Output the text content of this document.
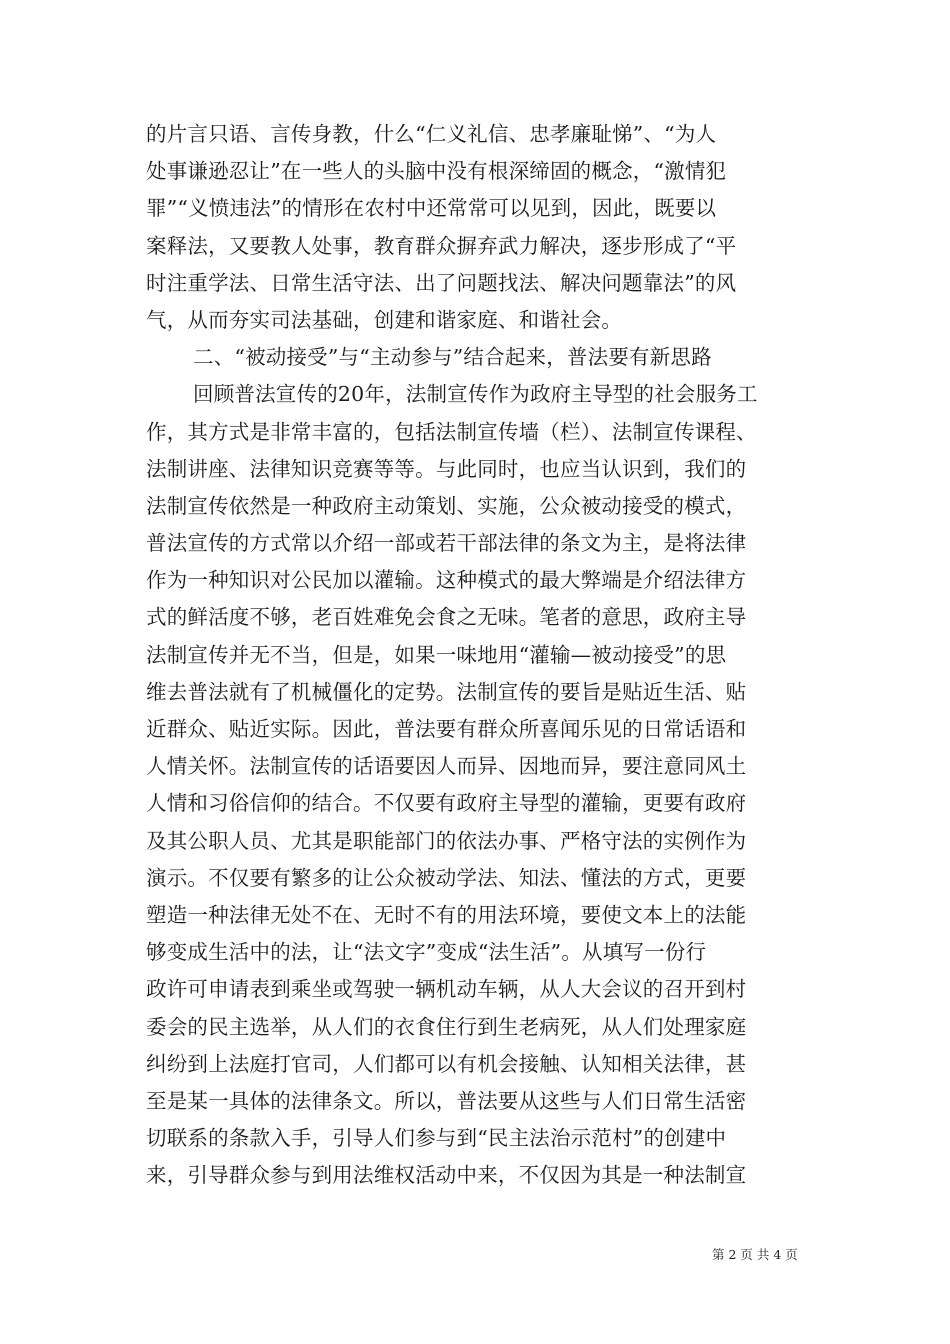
的片言只语、言传身教，什么“仁义礼信、忠孝廉耻悌”、“为人
处事谦逊忍让”在一些人的头脑中没有根深缔固的概念，“激情犯
罪”“义愤违法”的情形在农村中还常常可以见到，因此，既要以
案释法，又要教人处事，教育群众摒弃武力解决，逐步形成了“平
时注重学法、日常生活守法、出了问题找法、解决问题靠法”的风
气，从而夯实司法基础，创建和谐家庭、和谐社会。
二、“被动接受”与“主动参与”结合起来，普法要有新思路
回顾普法宣传的20年，法制宣传作为政府主导型的社会服务工
作，其方式是非常丰富的，包括法制宣传墙（栏）、法制宣传课程、
法制讲座、法律知识竞赛等等。与此同时，也应当认识到，我们的
法制宣传依然是一种政府主动策划、实施，公众被动接受的模式，
普法宣传的方式常以介绍一部或若干部法律的条文为主，是将法律
作为一种知识对公民加以灌输。这种模式的最大弊端是介绍法律方
式的鲜活度不够，老百姓难免会食之无味。笔者的意思，政府主导
法制宣传并无不当，但是，如果一味地用“灌输—被动接受”的思
维去普法就有了机械僵化的定势。法制宣传的要旨是贴近生活、贴
近群众、贴近实际。因此，普法要有群众所喜闻乐见的日常话语和
人情关怀。法制宣传的话语要因人而异、因地而异，要注意同风土
人情和习俗信仰的结合。不仅要有政府主导型的灌输，更要有政府
及其公职人员、尤其是职能部门的依法办事、严格守法的实例作为
演示。不仅要有繁多的让公众被动学法、知法、懂法的方式，更要
塑造一种法律无处不在、无时不有的用法环境，要使文本上的法能
够变成生活中的法，让“法文字”变成“法生活”。从填写一份行
政许可申请表到乘坐或驾驶一辆机动车辆，从人大会议的召开到村
委会的民主选举，从人们的衣食住行到生老病死，从人们处理家庭
纠纷到上法庭打官司，人们都可以有机会接触、认知相关法律，甚
至是某一具体的法律条文。所以，普法要从这些与人们日常生活密
切联系的条款入手，引导人们参与到“民主法治示范村”的创建中
来，引导群众参与到用法维权活动中来，不仅因为其是一种法制宣
第 2 页 共 4 页
